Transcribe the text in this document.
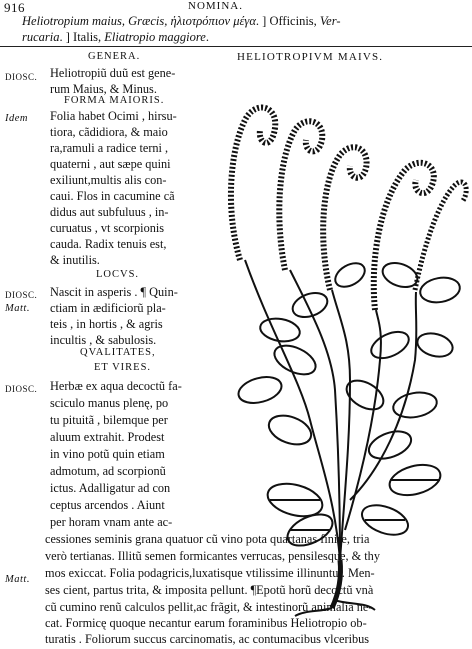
916	NOMINA.
Heliotropium maius, Græcis, ἡλιοτρόπιον μέγα. ] Officinis, Ver-
rucaria. ] Italis, Eliatropio maggiore.
HELIOTROPIVM MAIVS.
GENERA.
FORMA MAIORIS.
LOCVS.
QVALITATES,
ET VIRES.
DIOSC.
Idem
DIOSC.
Matt.
DIOSC.
Matt.
Heliotropiũ duũ est gene-
rum Maius, & Minus.
Folia habet Ocimi , hirsu-
tiora, cãdidiora, & maio
ra,ramuli a radice terni ,
quaterni , aut sæpe quini
exiliunt,multis alis con-
caui. Flos in cacumine cã
didus aut subfuluus , in-
curuatus , vt scorpionis
cauda. Radix tenuis est,
& inutilis.
Nascit in asperis . ¶ Quin-
ctiam in ædificiorũ pla-
teis , in hortis , & agris
incultis , & sabulosis.
Herbæ ex aqua decoctũ fa-
sciculo manus plenę, po
tu pituitã , bilemque per
aluum extrahit. Prodest
in vino potũ quin etiam
admotum, ad scorpionũ
ictus. Adalligatur ad con
ceptus arcendos . Aiunt
per horam vnam ante ac-
cessiones seminis grana quatuor cũ vino pota quartanas finire, tria
verò tertianas. Illitũ semen formicantes verrucas, pensilesque, & thy
mos exiccat. Folia podagricis,luxatisque vtilissime illinuntur. Men-
ses cient, partus trita, & imposita pellunt. ¶Epotũ horũ decoctũ vnà
cũ cumino renũ calculos pellit,ac frãgit, & intestinorũ animalia ne-
cat. Formicę quoque necantur earum foraminibus Heliotropio ob-
turatis . Foliorum succus carcinomatis, ac contumacibus vlceribus
